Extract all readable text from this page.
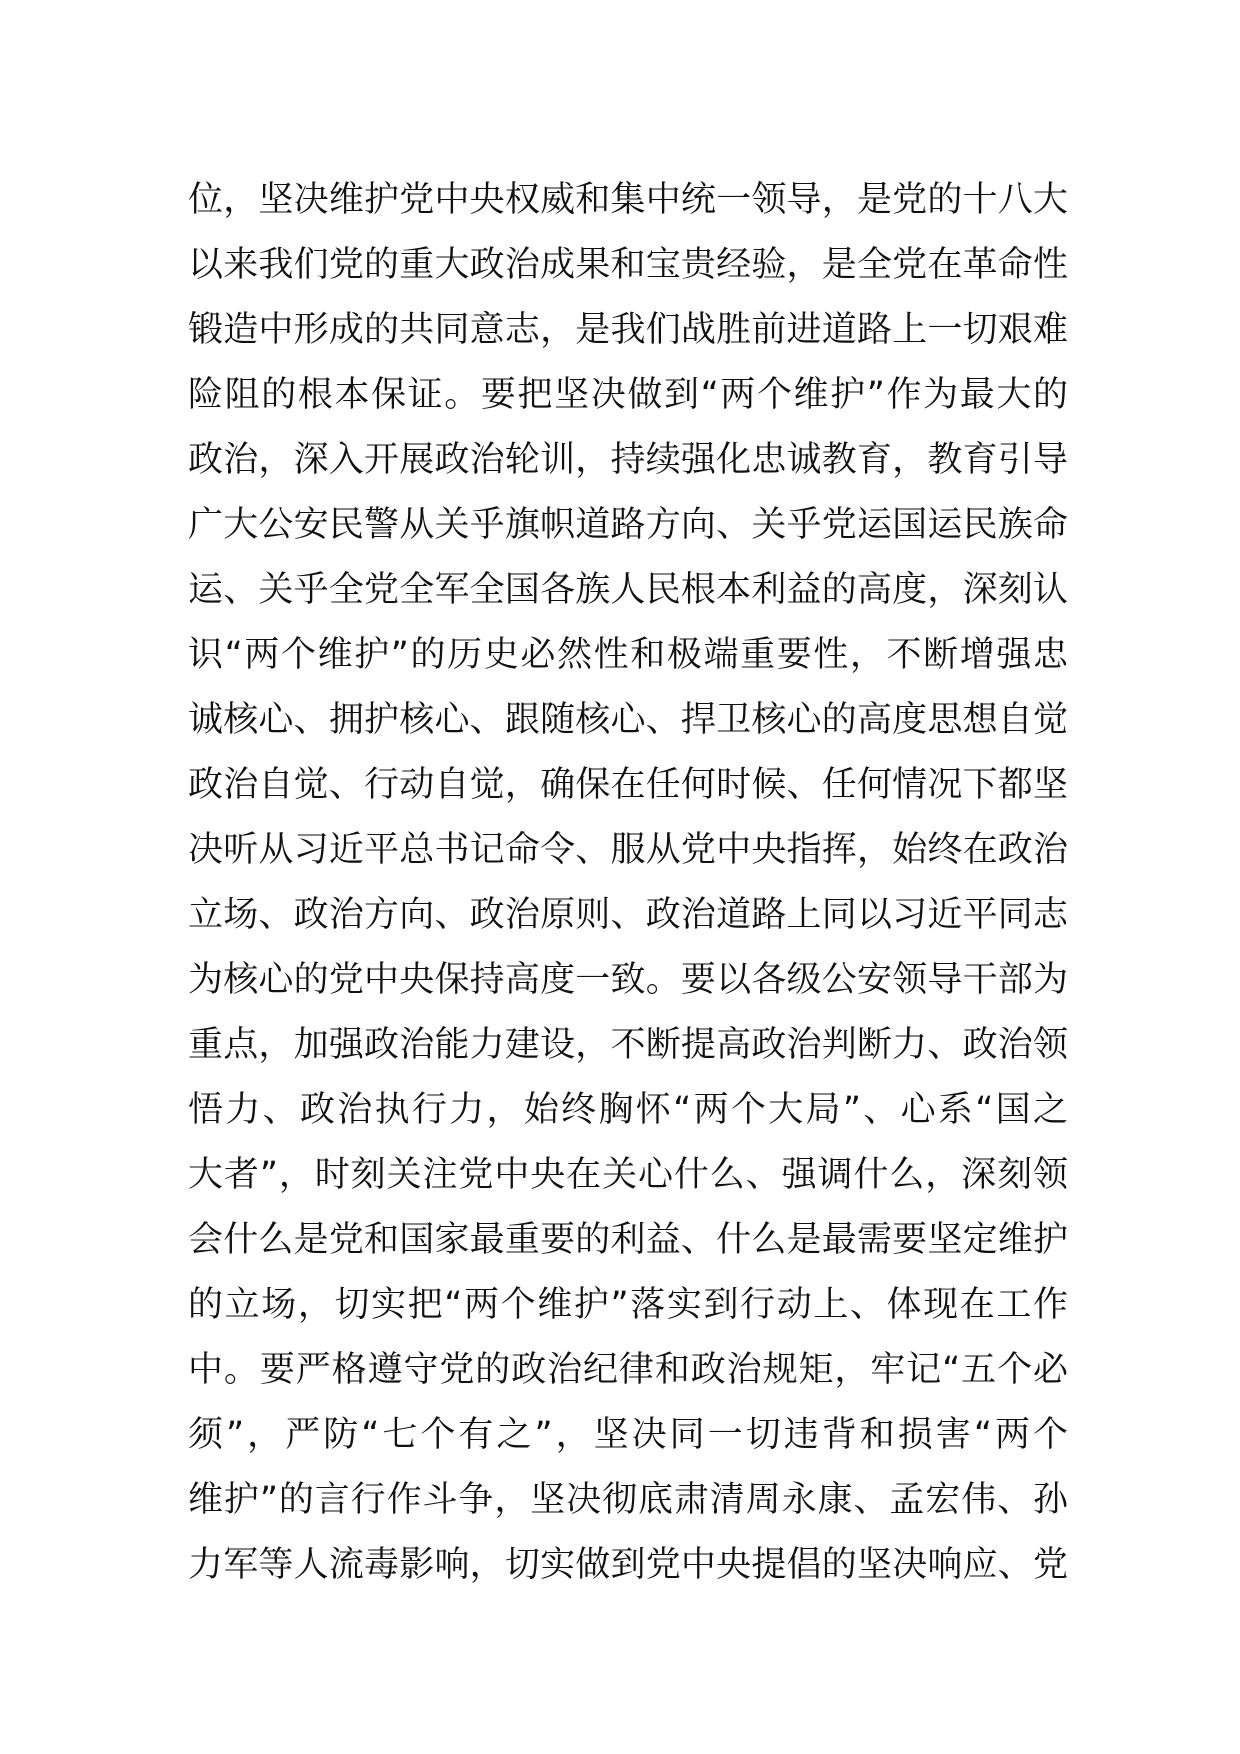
位，坚决维护党中央权威和集中统一领导，是党的十八大
以来我们党的重大政治成果和宝贵经验，是全党在革命性
锻造中形成的共同意志，是我们战胜前进道路上一切艰难
险阻的根本保证。要把坚决做到“两个维护”作为最大的
政治，深入开展政治轮训，持续强化忠诚教育，教育引导
广大公安民警从关乎旗帜道路方向、关乎党运国运民族命
运、关乎全党全军全国各族人民根本利益的高度，深刻认
识“两个维护”的历史必然性和极端重要性，不断增强忠
诚核心、拥护核心、跟随核心、捍卫核心的高度思想自觉
政治自觉、行动自觉，确保在任何时候、任何情况下都坚
决听从习近平总书记命令、服从党中央指挥，始终在政治
立场、政治方向、政治原则、政治道路上同以习近平同志
为核心的党中央保持高度一致。要以各级公安领导干部为
重点，加强政治能力建设，不断提高政治判断力、政治领
悟力、政治执行力，始终胸怀“两个大局”、心系“国之
大者”，时刻关注党中央在关心什么、强调什么，深刻领
会什么是党和国家最重要的利益、什么是最需要坚定维护
的立场，切实把“两个维护”落实到行动上、体现在工作
中。要严格遵守党的政治纪律和政治规矩，牢记“五个必
须”，严防“七个有之”，坚决同一切违背和损害“两个
维护”的言行作斗争，坚决彻底肃清周永康、孟宏伟、孙
力军等人流毒影响，切实做到党中央提倡的坚决响应、党
